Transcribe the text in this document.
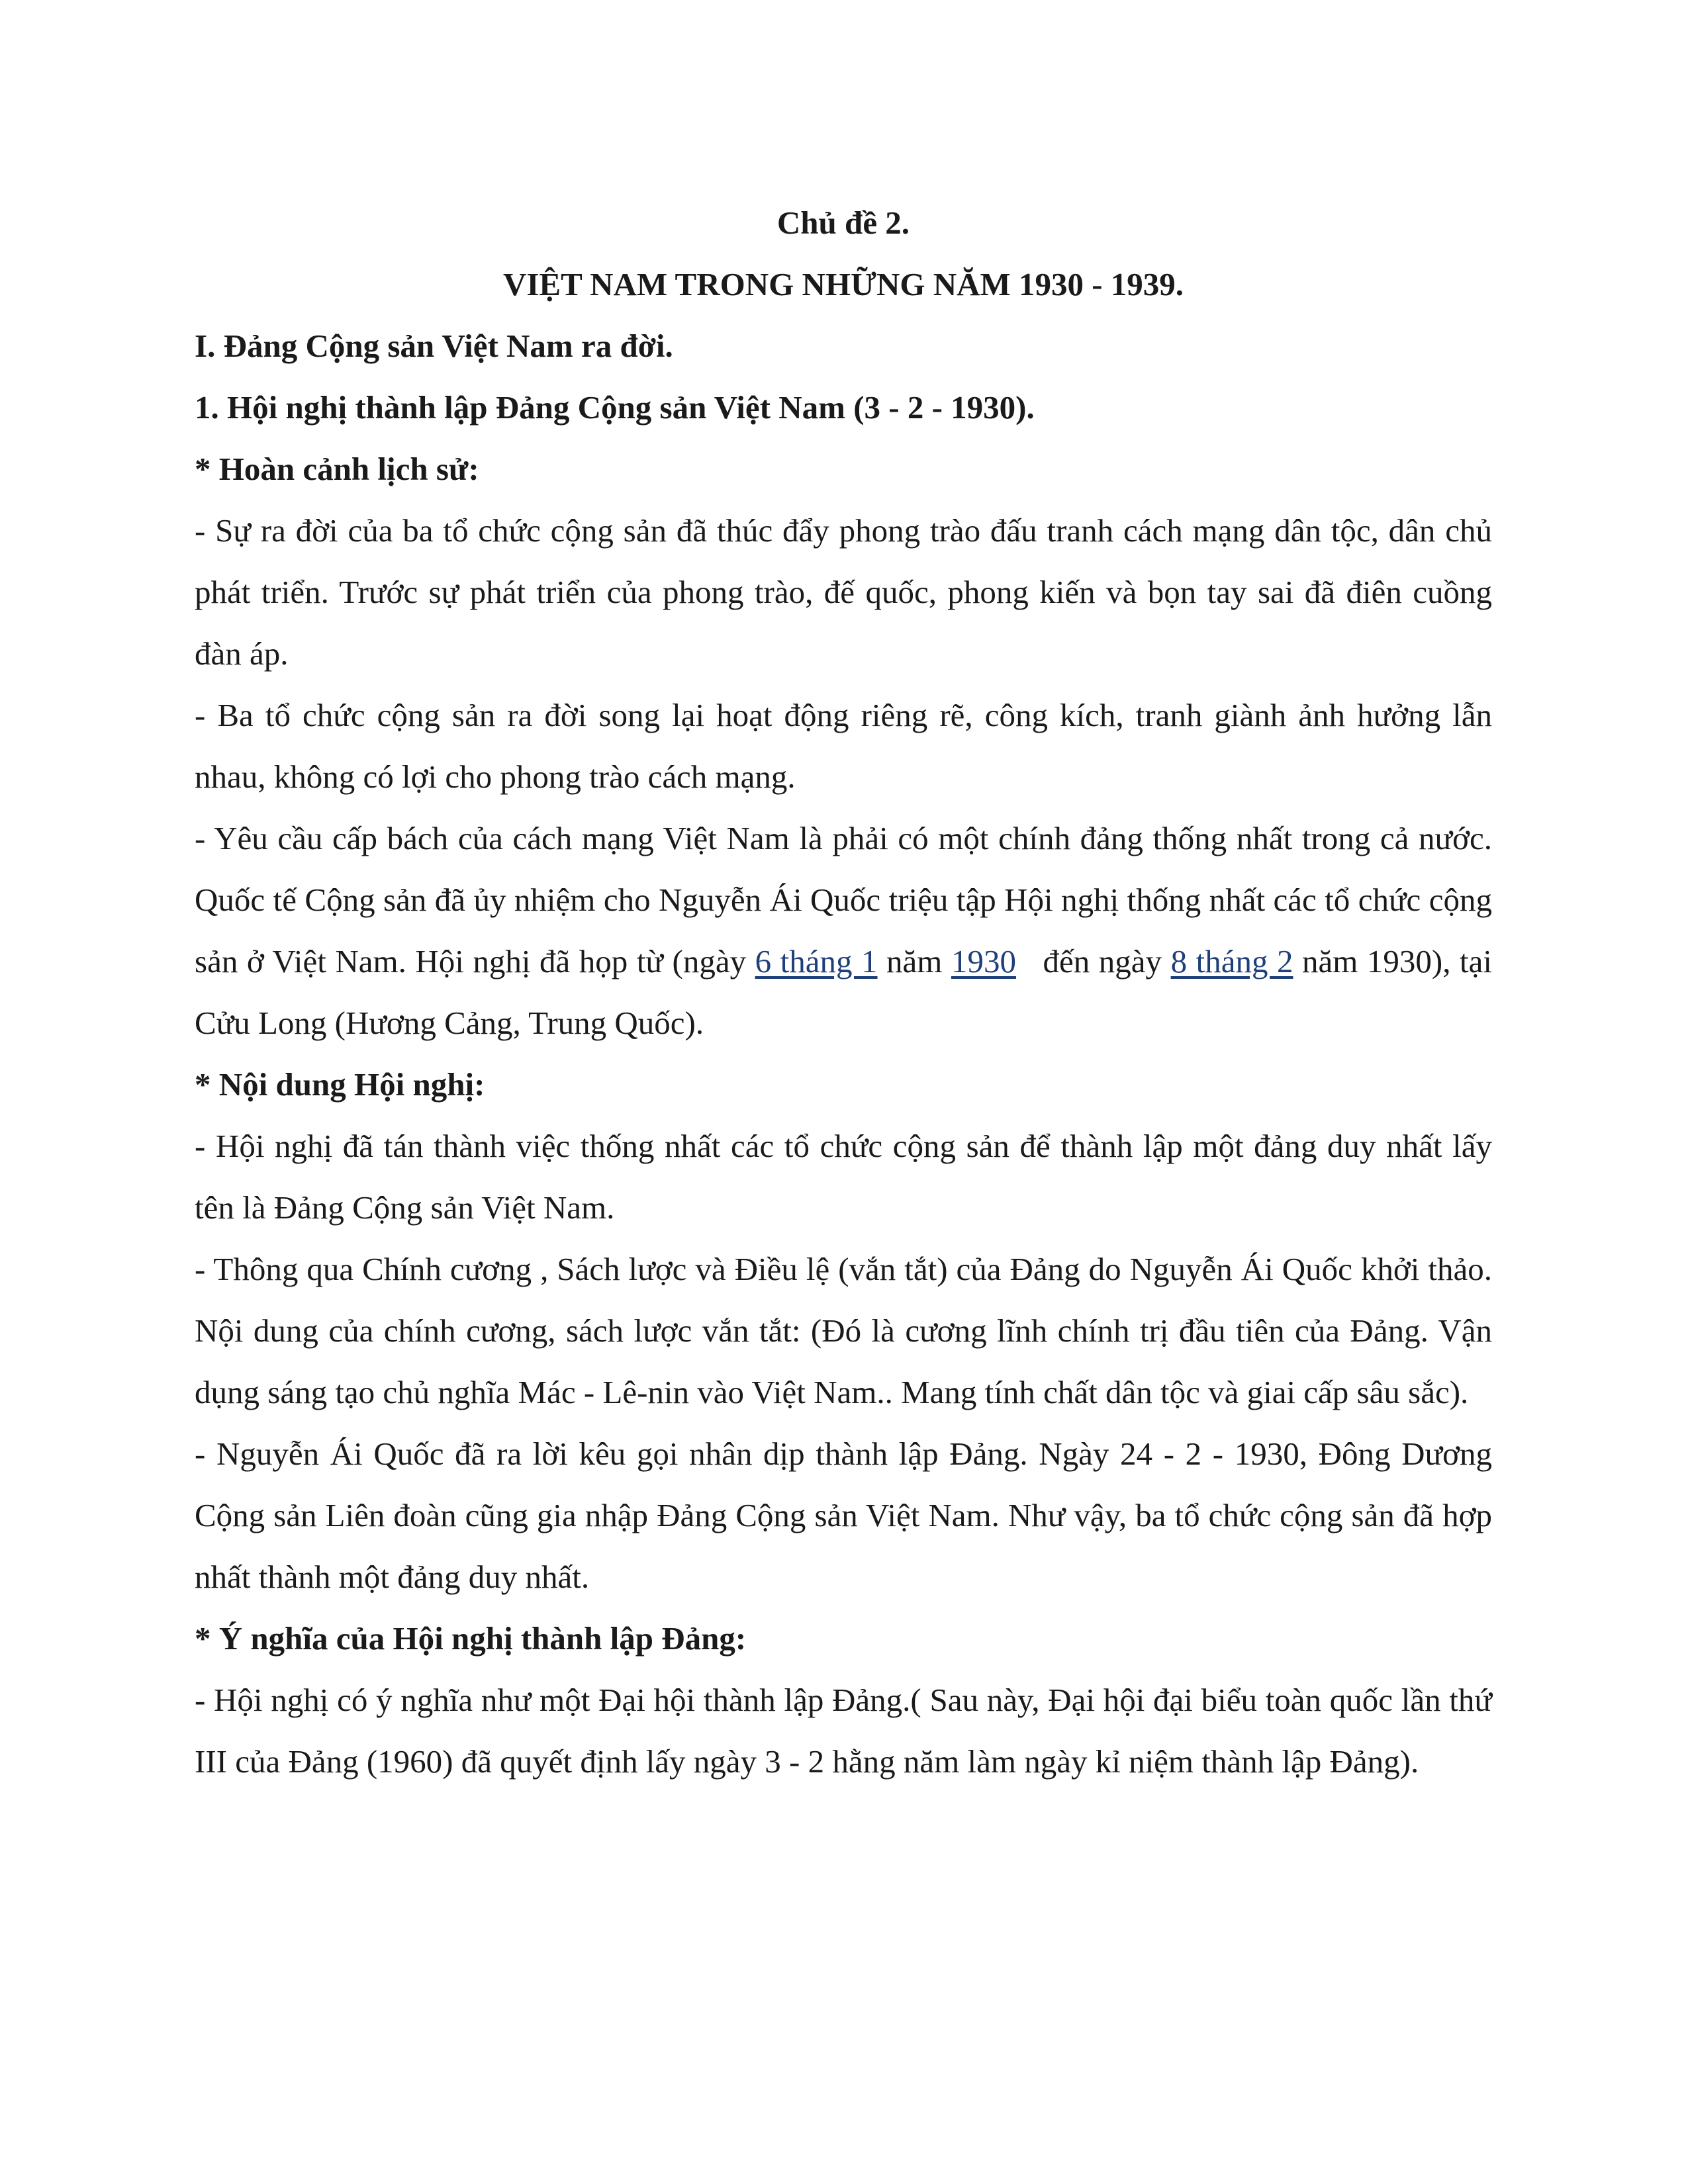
Chủ đề 2.

VIỆT NAM TRONG NHỮNG NĂM 1930 - 1939.

I. Đảng Cộng sản Việt Nam ra đời.

1. Hội nghị thành lập Đảng Cộng sản Việt Nam (3 - 2 - 1930).

* Hoàn cảnh lịch sử:

- Sự ra đời của ba tổ chức cộng sản đã thúc đẩy phong trào đấu tranh cách mạng dân tộc, dân chủ phát triển. Trước sự phát triển của phong trào, đế quốc, phong kiến và bọn tay sai đã điên cuồng đàn áp.

- Ba tổ chức cộng sản ra đời song lại hoạt động riêng rẽ, công kích, tranh giành ảnh hưởng lẫn nhau, không có lợi cho phong trào cách mạng.

- Yêu cầu cấp bách của cách mạng Việt Nam là phải có một chính đảng thống nhất trong cả nước. Quốc tế Cộng sản đã ủy nhiệm cho Nguyễn Ái Quốc triệu tập Hội nghị thống nhất các tổ chức cộng sản ở Việt Nam. Hội nghị đã họp từ (ngày 6 tháng 1 năm 1930   đến ngày 8 tháng 2 năm 1930), tại Cửu Long (Hương Cảng, Trung Quốc).

* Nội dung Hội nghị:

- Hội nghị đã tán thành việc thống nhất các tổ chức cộng sản để thành lập một đảng duy nhất lấy tên là Đảng Cộng sản Việt Nam.

- Thông qua Chính cương , Sách lược và Điều lệ (vắn tắt) của Đảng do Nguyễn Ái Quốc khởi thảo. Nội dung của chính cương, sách lược vắn tắt: (Đó là cương lĩnh chính trị đầu tiên của Đảng. Vận dụng sáng tạo chủ nghĩa Mác - Lê-nin vào Việt Nam.. Mang tính chất dân tộc và giai cấp sâu sắc).

- Nguyễn Ái Quốc đã ra lời kêu gọi nhân dịp thành lập Đảng. Ngày 24 - 2 - 1930, Đông Dương Cộng sản Liên đoàn cũng gia nhập Đảng Cộng sản Việt Nam. Như vậy, ba tổ chức cộng sản đã hợp nhất thành một đảng duy nhất.

* Ý nghĩa của Hội nghị thành lập Đảng:

- Hội nghị có ý nghĩa như một Đại hội thành lập Đảng.( Sau này, Đại hội đại biểu toàn quốc lần thứ III của Đảng (1960) đã quyết định lấy ngày 3 - 2 hằng năm làm ngày kỉ niệm thành lập Đảng).
